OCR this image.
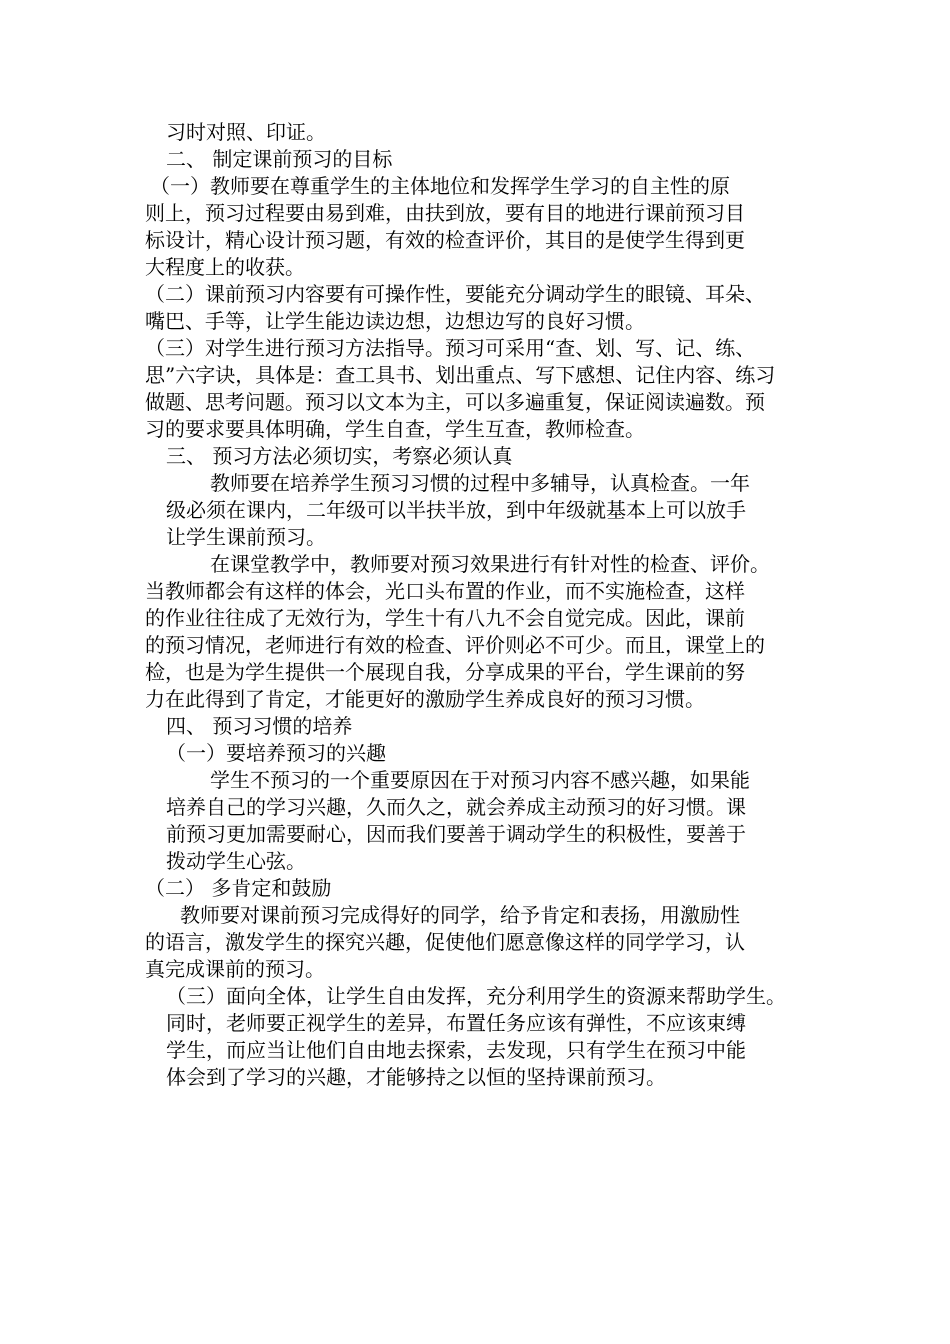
习时对照、印证。
二、 制定课前预习的目标
（一）教师要在尊重学生的主体地位和发挥学生学习的自主性的原
则上，预习过程要由易到难，由扶到放，要有目的地进行课前预习目
标设计，精心设计预习题，有效的检查评价，其目的是使学生得到更
大程度上的收获。
（二）课前预习内容要有可操作性，要能充分调动学生的眼镜、耳朵、
嘴巴、手等，让学生能边读边想，边想边写的良好习惯。
（三）对学生进行预习方法指导。预习可采用“查、划、写、记、练、
思”六字诀，具体是：查工具书、划出重点、写下感想、记住内容、练习
做题、思考问题。预习以文本为主，可以多遍重复，保证阅读遍数。预
习的要求要具体明确，学生自查，学生互查，教师检查。
三、 预习方法必须切实，考察必须认真
教师要在培养学生预习习惯的过程中多辅导，认真检查。一年
级必须在课内，二年级可以半扶半放，到中年级就基本上可以放手
让学生课前预习。
在课堂教学中，教师要对预习效果进行有针对性的检查、评价。
当教师都会有这样的体会，光口头布置的作业，而不实施检查，这样
的作业往往成了无效行为，学生十有八九不会自觉完成。因此，课前
的预习情况，老师进行有效的检查、评价则必不可少。而且，课堂上的
检，也是为学生提供一个展现自我，分享成果的平台，学生课前的努
力在此得到了肯定，才能更好的激励学生养成良好的预习习惯。
四、 预习习惯的培养
（一）要培养预习的兴趣
学生不预习的一个重要原因在于对预习内容不感兴趣，如果能
培养自己的学习兴趣，久而久之，就会养成主动预习的好习惯。课
前预习更加需要耐心，因而我们要善于调动学生的积极性，要善于
拨动学生心弦。
（二） 多肯定和鼓励
教师要对课前预习完成得好的同学，给予肯定和表扬，用激励性
的语言，激发学生的探究兴趣，促使他们愿意像这样的同学学习，认
真完成课前的预习。
（三）面向全体，让学生自由发挥，充分利用学生的资源来帮助学生。
同时，老师要正视学生的差异，布置任务应该有弹性，不应该束缚
学生，而应当让他们自由地去探索，去发现，只有学生在预习中能
体会到了学习的兴趣，才能够持之以恒的坚持课前预习。
